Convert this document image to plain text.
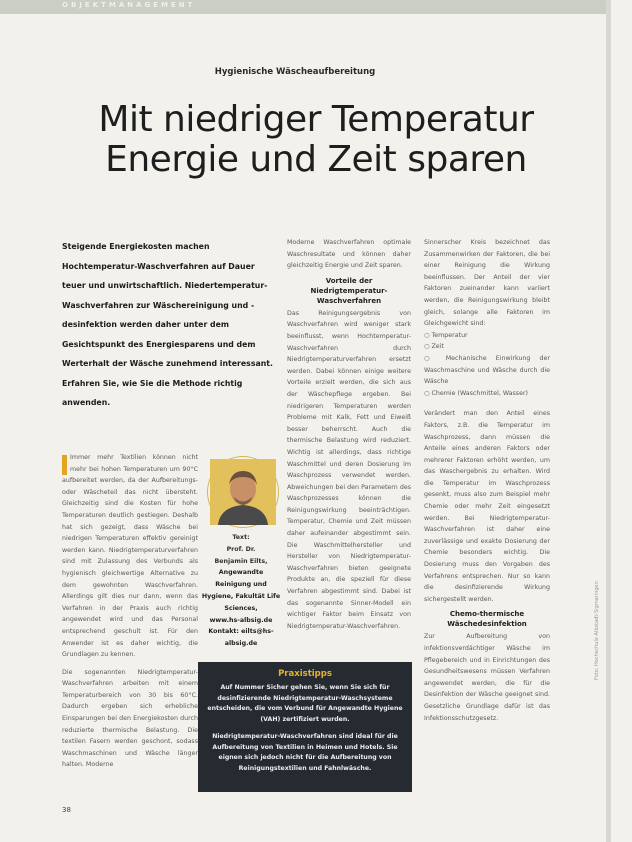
OBJEKTMANAGEMENT
Hygienische Wäscheaufbereitung
Mit niedriger Temperatur
Energie und Zeit sparen
Steigende Energiekosten machen Hochtemperatur-Waschverfahren auf Dauer teuer und unwirtschaftlich. Niedertemperatur-Waschverfahren zur Wäschereinigung und -desinfektion werden daher unter dem Gesichtspunkt des Energiesparens und dem Werterhalt der Wäsche zunehmend interessant. Erfahren Sie, wie Sie die Methode richtig anwenden.

Immer mehr Textilien können nicht mehr bei hohen Temperaturen um 90°C aufbereitet werden, da der Aufbereitungs- oder Wäscheteil das nicht übersteht. Gleichzeitig sind die Kosten für hohe Temperaturen deutlich gestiegen. Deshalb hat sich gezeigt, dass Wäsche bei niedrigen Temperaturen effektiv gereinigt werden kann. Niedrigtemperaturverfahren sind mit Zulassung des Verbunds als hygienisch gleichwertige Alternative zu dem gewohnten Waschverfahren. Allerdings gilt dies nur dann, wenn das Verfahren in der Praxis auch richtig angewendet wird und das Personal entsprechend geschult ist. Für den Anwender ist es daher wichtig, die Grundlagen zu kennen.

Die sogenannten Niedrigtemperatur-Waschverfahren arbeiten mit einem Temperaturbereich von 30 bis 60°C. Dadurch ergeben sich erhebliche Einsparungen bei den Energiekosten durch reduzierte thermische Belastung. Die textilen Fasern werden geschont, sodass Waschmaschinen und Wäsche länger halten. Moderne

Text:
Prof. Dr.
Benjamin Eilts,
Angewandte Reinigung und Hygiene, Fakultät Life Sciences,
www.hs-albsig.de
Kontakt: eilts@hs-albsig.de

Moderne Waschverfahren optimale Waschresultate und können daher gleichzeitig Energie und Zeit sparen.

Vorteile der Niedrigtemperatur-Waschverfahren

Das Reinigungsergebnis von Waschverfahren wird weniger stark beeinflusst, wenn Hochtemperatur-Waschverfahren durch Niedrigtemperaturverfahren ersetzt werden. Dabei können einige weitere Vorteile erzielt werden, die sich aus der Wäschepflege ergeben. Bei niedrigeren Temperaturen werden Probleme mit Kalk, Fett und Eiweiß besser beherrscht. Auch die thermische Belastung wird reduziert. Wichtig ist allerdings, dass richtige Waschmittel und deren Dosierung im Waschprozess verwendet werden. Abweichungen bei den Parametern des Waschprozesses können die Reinigungswirkung beeinträchtigen. Temperatur, Chemie und Zeit müssen daher aufeinander abgestimmt sein. Die Waschmittelhersteller und Hersteller von Niedrigtemperatur-Waschverfahren bieten geeignete Produkte an, die speziell für diese Verfahren abgestimmt sind. Dabei ist das sogenannte Sinner-Modell ein wichtiger Faktor beim Einsatz von Niedrigtemperatur-Waschverfahren.

Sinnerscher Kreis bezeichnet das Zusammenwirken der Faktoren, die bei einer Reinigung die Wirkung beeinflussen. Der Anteil der vier Faktoren zueinander kann variiert werden, die Reinigungswirkung bleibt gleich, solange alle Faktoren im Gleichgewicht sind:

○ Temperatur
○ Zeit
○ Mechanische Einwirkung der Waschmaschine und Wäsche durch die Wäsche
○ Chemie (Waschmittel, Wasser)

Verändert man den Anteil eines Faktors, z.B. die Temperatur im Waschprozess, dann müssen die Anteile eines anderen Faktors oder mehrerer Faktoren erhöht werden, um das Waschergebnis zu erhalten. Wird die Temperatur im Waschprozess gesenkt, muss also zum Beispiel mehr Chemie oder mehr Zeit eingesetzt werden. Bei Niedrigtemperatur-Waschverfahren ist daher eine zuverlässige und exakte Dosierung der Chemie besonders wichtig. Die Dosierung muss den Vorgaben des Verfahrens entsprechen. Nur so kann die desinfizierende Wirkung sichergestellt werden.

Chemo-thermische Wäschedesinfektion

Zur Aufbereitung von infektionsverdächtiger Wäsche im Pflegebereich und in Einrichtungen des Gesundheitswesens müssen Verfahren angewendet werden, die für die Desinfektion der Wäsche geeignet sind. Gesetzliche Grundlage dafür ist das Infektionsschutzgesetz.

Praxistipps

Auf Nummer Sicher gehen Sie, wenn Sie sich für desinfizierende Niedrigtemperatur-Waschsysteme entscheiden, die vom Verbund für Angewandte Hygiene (VAH) zertifiziert wurden.

Niedrigtemperatur-Waschverfahren sind ideal für die Aufbereitung von Textilien in Heimen und Hotels. Sie eignen sich jedoch nicht für die Aufbereitung von Reinigungstextilien und Fahnlwäsche.

38
Foto: Hochschule Albstadt-Sigmaringen
